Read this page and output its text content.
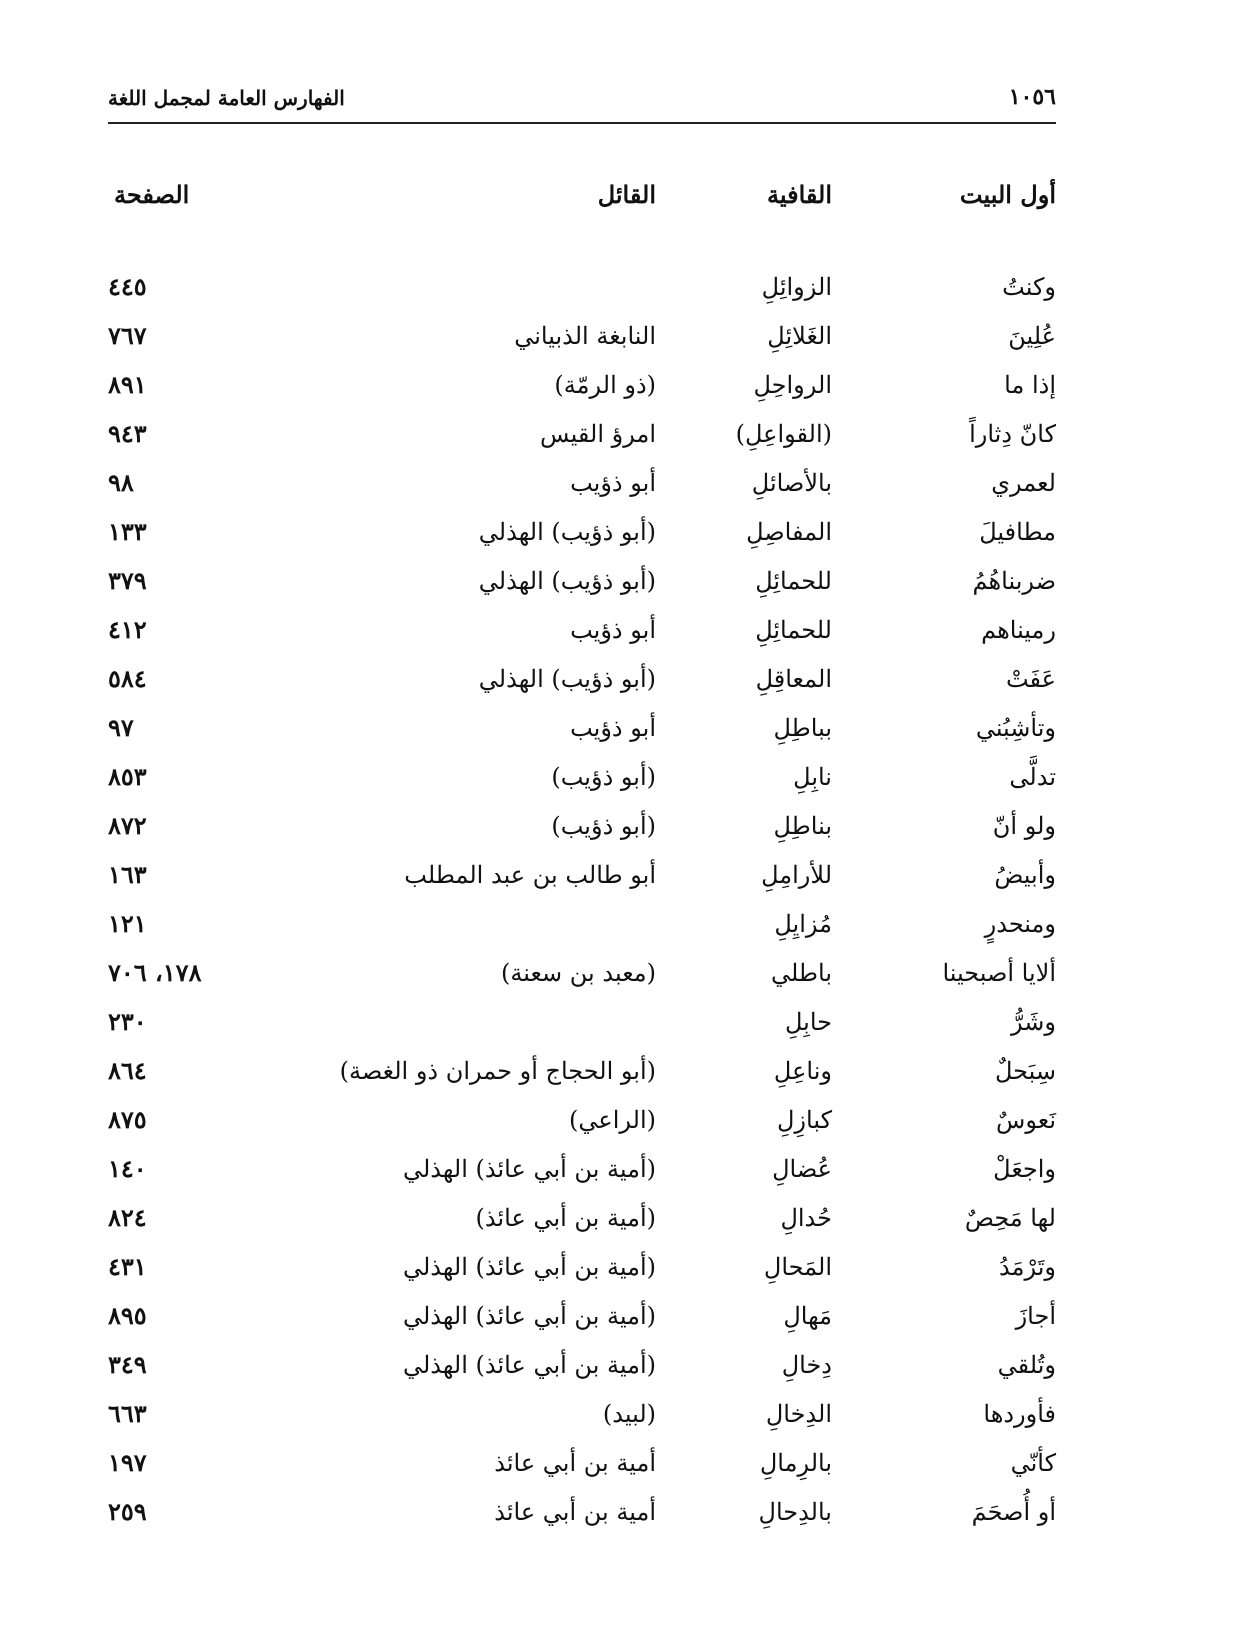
الفهارس العامة لمجمل اللغة	١٠٥٦
أول البيت
القافية
القائل
الصفحة
وكنتُ
الزوائِلِ
٤٤٥
عُلِينَ
الغَلائِلِ
النابغة الذبياني
٧٦٧
إذا ما
الرواحِلِ
(ذو الرمّة)
٨٩١
كانّ دِثاراً
(القواعِلِ)
امرؤ القيس
٩٤٣
لعمري
بالأصائلِ
أبو ذؤيب
٩٨
مطافيلَ
المفاصِلِ
(أبو ذؤيب) الهذلي
١٣٣
ضربناهُمُ
للحمائِلِ
(أبو ذؤيب) الهذلي
٣٧٩
رميناهم
للحمائِلِ
أبو ذؤيب
٤١٢
عَفَتْ
المعاقِلِ
(أبو ذؤيب) الهذلي
٥٨٤
وتأشِبُني
بباطِلِ
أبو ذؤيب
٩٧
تدلَّى
نابِلِ
(أبو ذؤيب)
٨٥٣
ولو أنّ
بناطِلِ
(أبو ذؤيب)
٨٧٢
وأبيضُ
للأرامِلِ
أبو طالب بن عبد المطلب
١٦٣
ومنحدرٍ
مُزايِلِ
١٢١
ألايا أصبحينا
باطلي
(معبد بن سعنة)
١٧٨، ٧٠٦
وشَرُّ
حابِلِ
٢٣٠
سِبَحلٌ
وناعِلِ
(أبو الحجاج أو حمران ذو الغصة)
٨٦٤
نَعوسٌ
كبازِلِ
(الراعي)
٨٧٥
واجعَلْ
عُضالِ
(أمية بن أبي عائذ) الهذلي
١٤٠
لها مَحِصٌ
حُدالِ
(أمية بن أبي عائذ)
٨٢٤
وتَرْمَدُ
المَحالِ
(أمية بن أبي عائذ) الهذلي
٤٣١
أجازَ
مَهالِ
(أمية بن أبي عائذ) الهذلي
٨٩٥
وتُلقي
دِخالِ
(أمية بن أبي عائذ) الهذلي
٣٤٩
فأوردها
الدِخالِ
(لبيد)
٦٦٣
كأنّي
بالرِمالِ
أمية بن أبي عائذ
١٩٧
أو أُصحَمَ
بالدِحالِ
أمية بن أبي عائذ
٢٥٩
